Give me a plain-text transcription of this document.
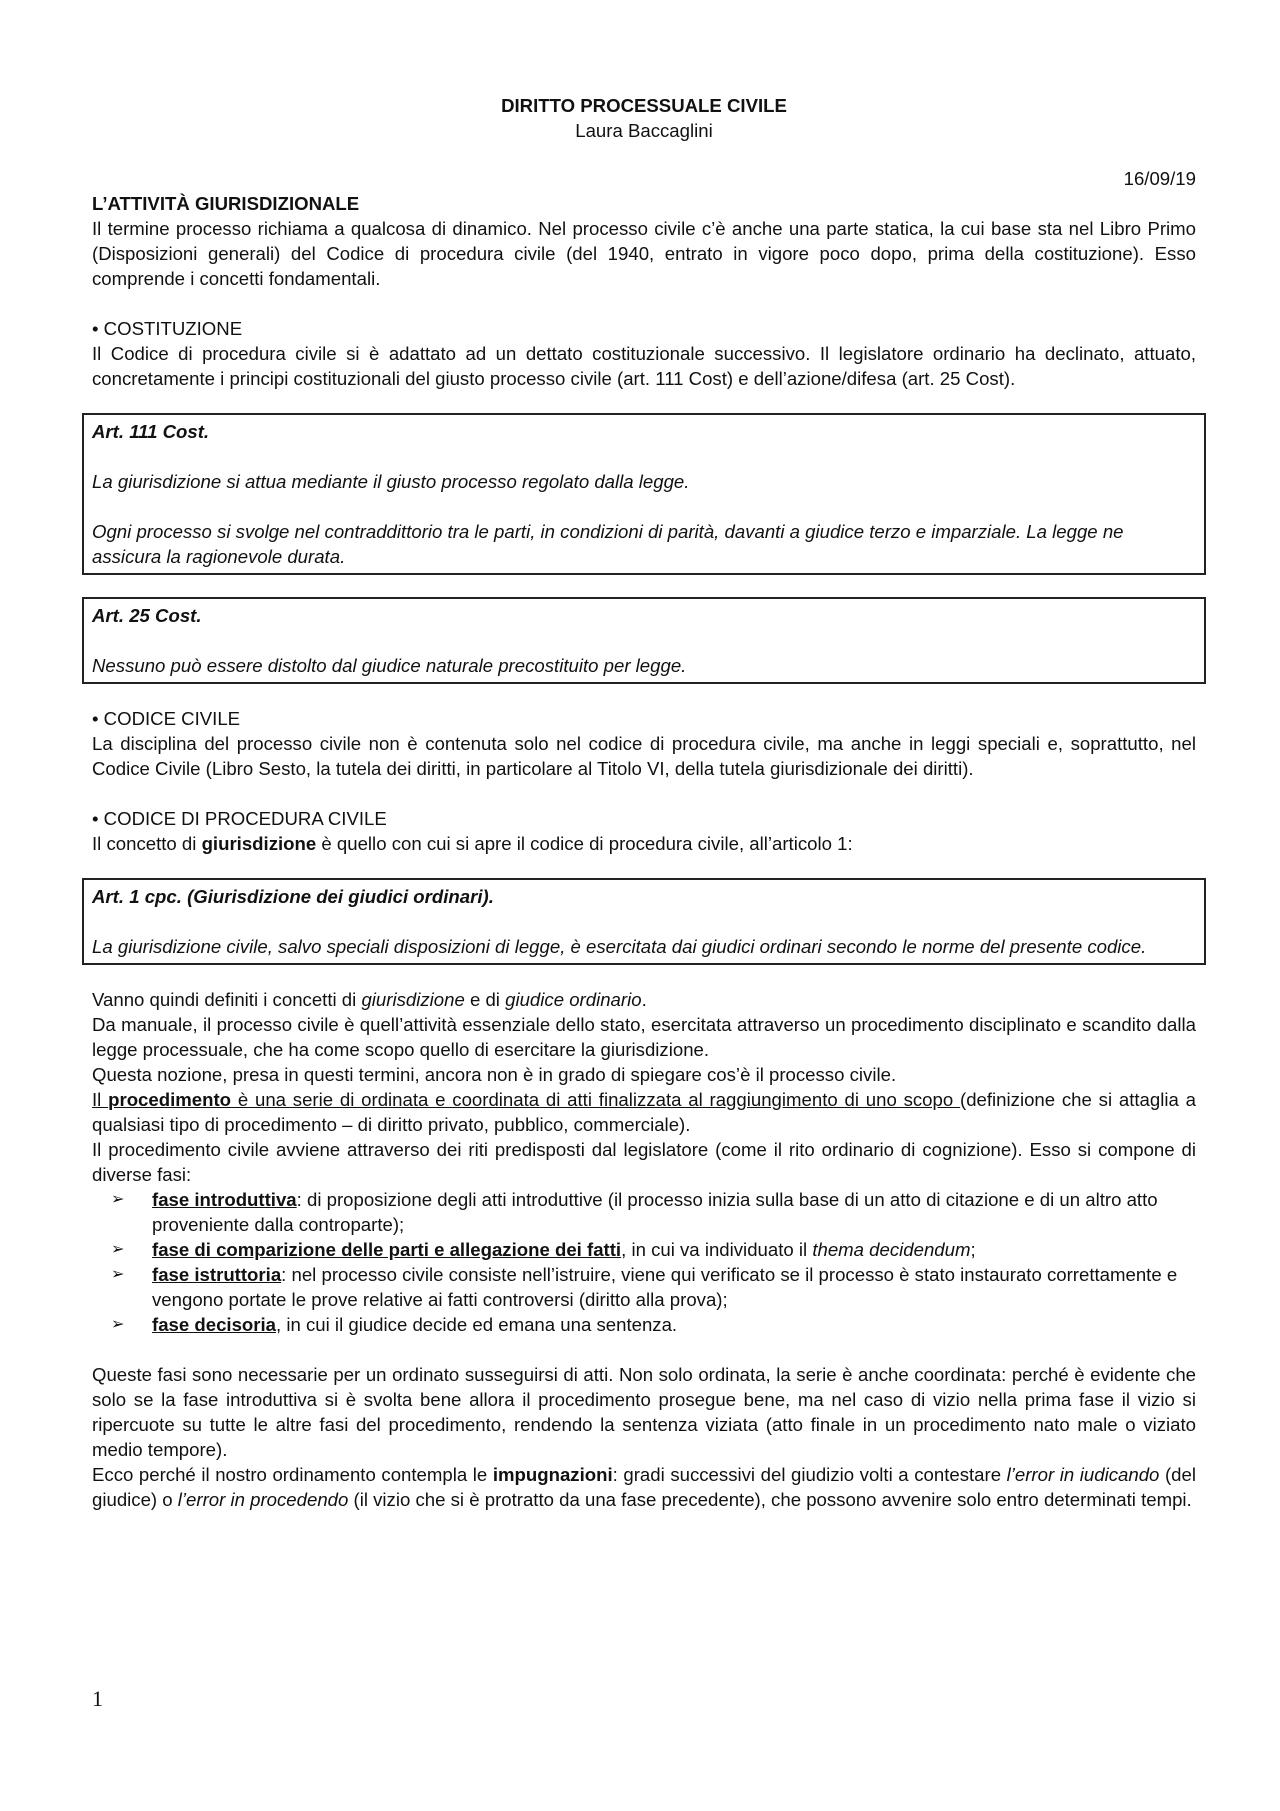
DIRITTO PROCESSUALE CIVILE
Laura Baccaglini
16/09/19
L’ATTIVITÀ GIURISDIZIONALE

Il termine processo richiama a qualcosa di dinamico. Nel processo civile c’è anche una parte statica, la cui base sta nel Libro Primo (Disposizioni generali) del Codice di procedura civile (del 1940, entrato in vigore poco dopo, prima della costituzione). Esso comprende i concetti fondamentali.

• COSTITUZIONE

Il Codice di procedura civile si è adattato ad un dettato costituzionale successivo. Il legislatore ordinario ha declinato, attuato, concretamente i principi costituzionali del giusto processo civile (art. 111 Cost) e dell’azione/difesa (art. 25 Cost).

Art. 111 Cost.

La giurisdizione si attua mediante il giusto processo regolato dalla legge.

Ogni processo si svolge nel contraddittorio tra le parti, in condizioni di parità, davanti a giudice terzo e imparziale. La legge ne assicura la ragionevole durata.

Art. 25 Cost.

Nessuno può essere distolto dal giudice naturale precostituito per legge.

• CODICE CIVILE

La disciplina del processo civile non è contenuta solo nel codice di procedura civile, ma anche in leggi speciali e, soprattutto, nel Codice Civile (Libro Sesto, la tutela dei diritti, in particolare al Titolo VI, della tutela giurisdizionale dei diritti).

• CODICE DI PROCEDURA CIVILE

Il concetto di giurisdizione è quello con cui si apre il codice di procedura civile, all’articolo 1:

Art. 1 cpc. (Giurisdizione dei giudici ordinari).

La giurisdizione civile, salvo speciali disposizioni di legge, è esercitata dai giudici ordinari secondo le norme del presente codice.

Vanno quindi definiti i concetti di giurisdizione e di giudice ordinario.

Da manuale, il processo civile è quell’attività essenziale dello stato, esercitata attraverso un procedimento disciplinato e scandito dalla legge processuale, che ha come scopo quello di esercitare la giurisdizione.

Questa nozione, presa in questi termini, ancora non è in grado di spiegare cos’è il processo civile.

Il procedimento è una serie di ordinata e coordinata di atti finalizzata al raggiungimento di uno scopo (definizione che si attaglia a qualsiasi tipo di procedimento – di diritto privato, pubblico, commerciale).

Il procedimento civile avviene attraverso dei riti predisposti dal legislatore (come il rito ordinario di cognizione). Esso si compone di diverse fasi:

➢ fase introduttiva: di proposizione degli atti introduttive (il processo inizia sulla base di un atto di citazione e di un altro atto proveniente dalla controparte);
➢ fase di comparizione delle parti e allegazione dei fatti, in cui va individuato il thema decidendum;
➢ fase istruttoria: nel processo civile consiste nell’istruire, viene qui verificato se il processo è stato instaurato correttamente e vengono portate le prove relative ai fatti controversi (diritto alla prova);
➢ fase decisoria, in cui il giudice decide ed emana una sentenza.

Queste fasi sono necessarie per un ordinato susseguirsi di atti. Non solo ordinata, la serie è anche coordinata: perché è evidente che solo se la fase introduttiva si è svolta bene allora il procedimento prosegue bene, ma nel caso di vizio nella prima fase il vizio si ripercuote su tutte le altre fasi del procedimento, rendendo la sentenza viziata (atto finale in un procedimento nato male o viziato medio tempore).

Ecco perché il nostro ordinamento contempla le impugnazioni: gradi successivi del giudizio volti a contestare l’error in iudicando (del giudice) o l’error in procedendo (il vizio che si è protratto da una fase precedente), che possono avvenire solo entro determinati tempi.

1
